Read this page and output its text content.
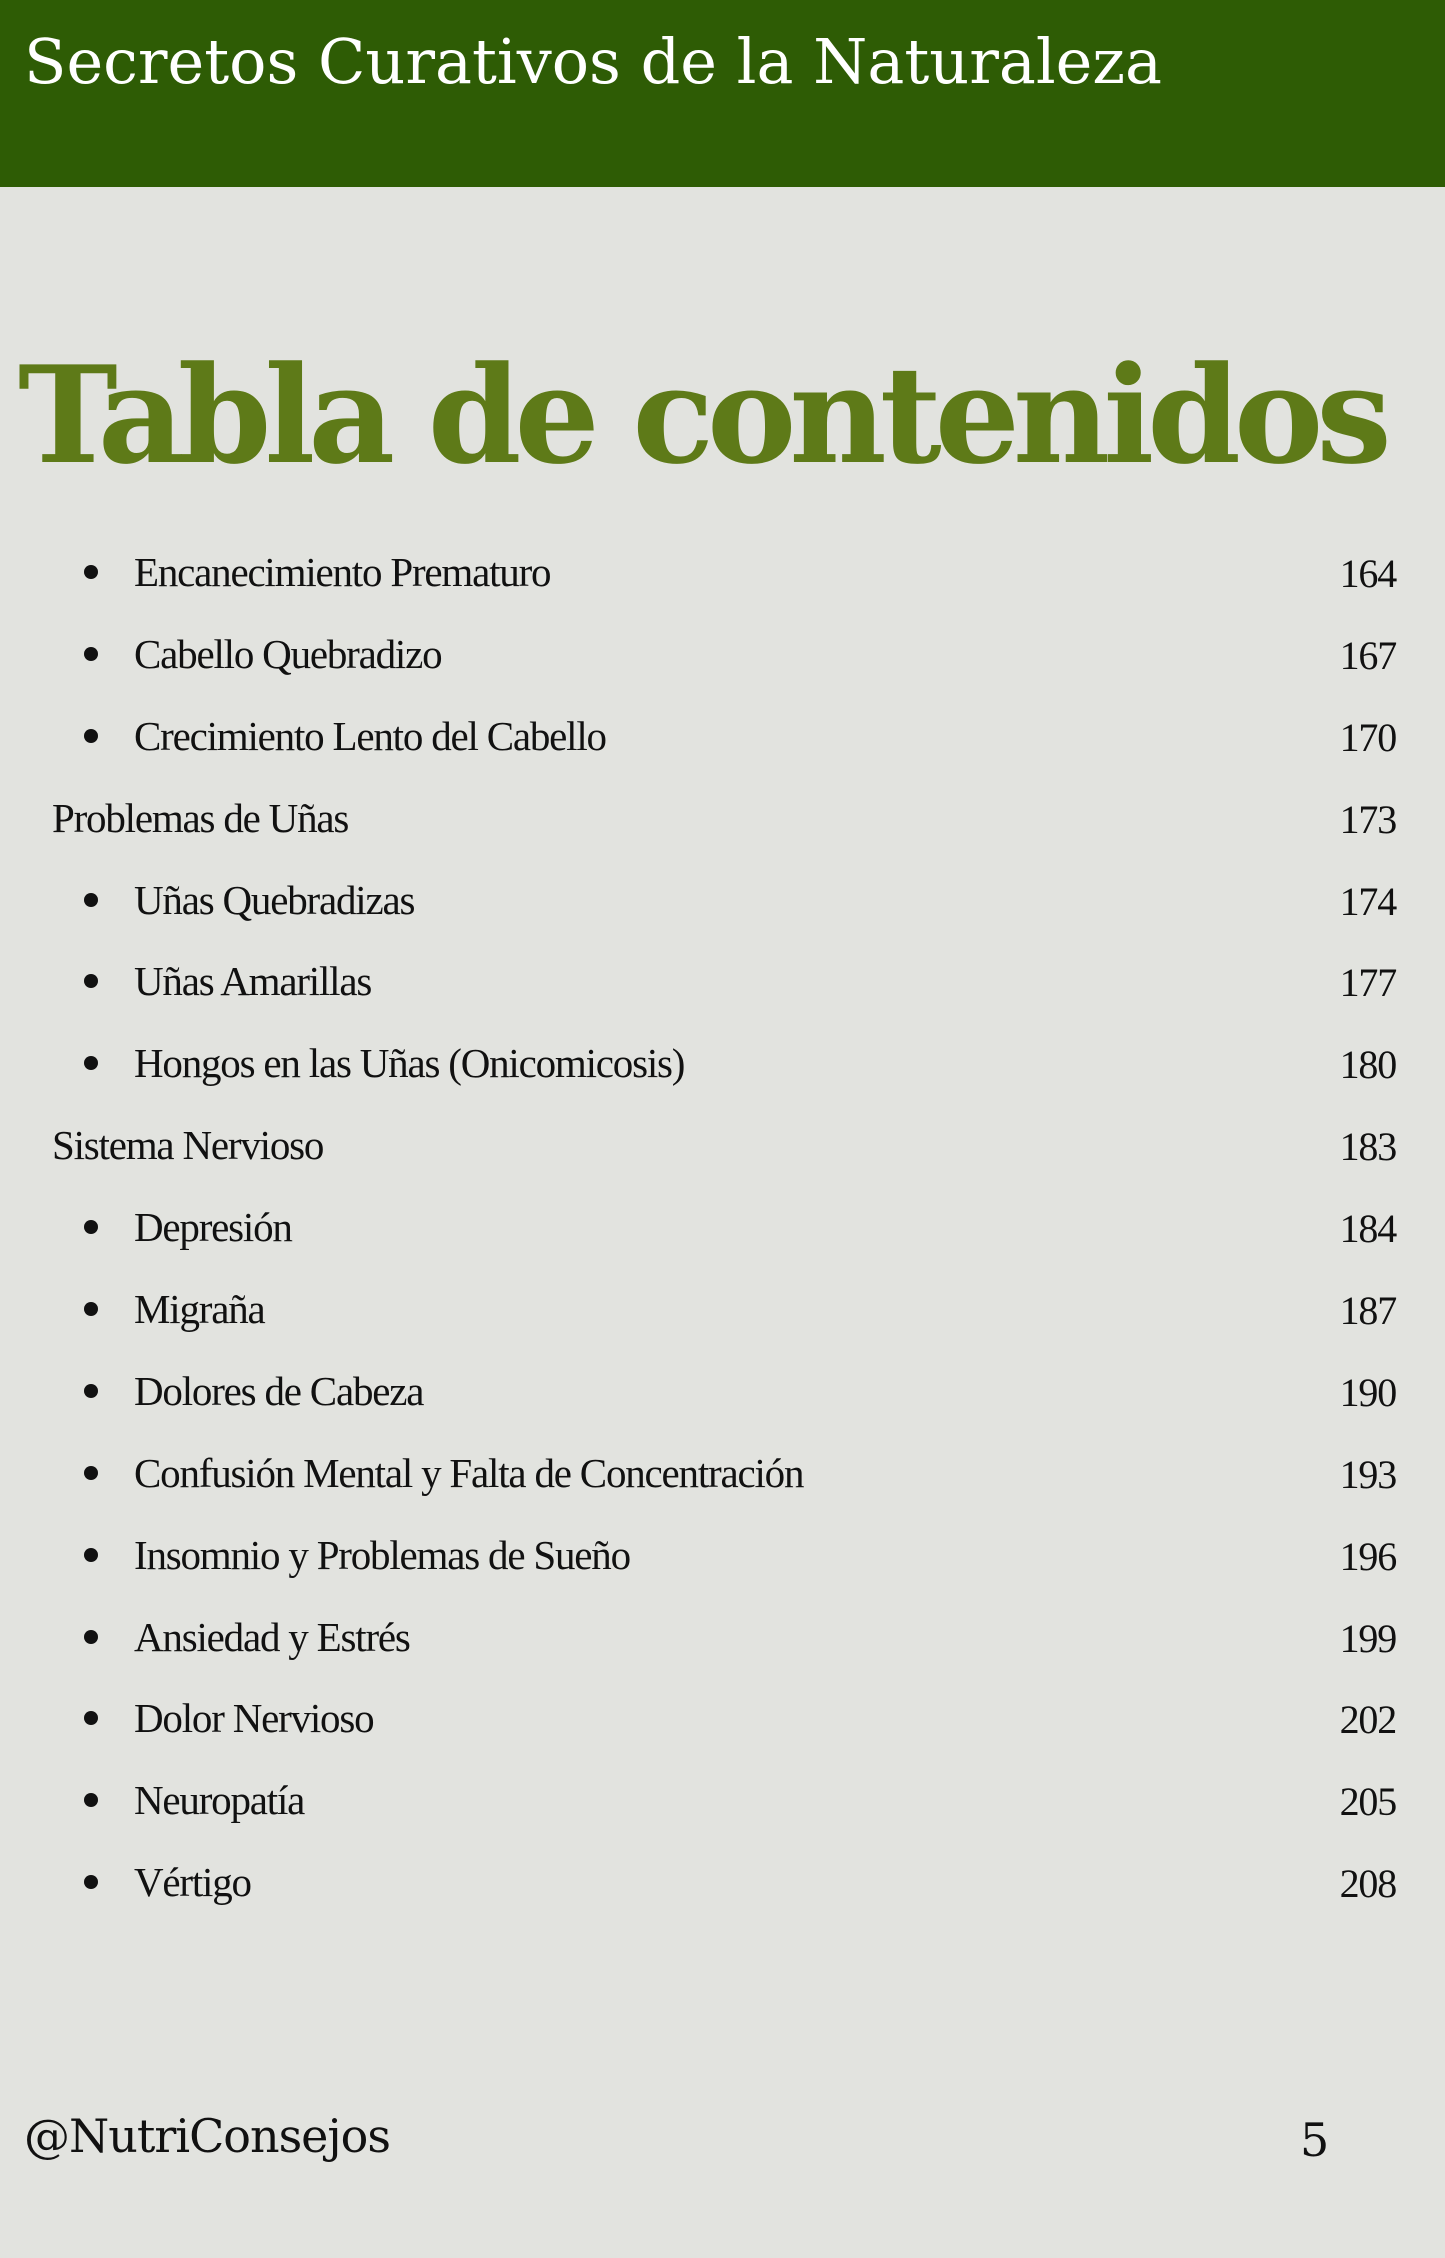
Secretos Curativos de la Naturaleza
Tabla de contenidos
Encanecimiento Prematuro	164
Cabello Quebradizo	167
Crecimiento Lento del Cabello	170
Problemas de Uñas	173
Uñas Quebradizas	174
Uñas Amarillas	177
Hongos en las Uñas (Onicomicosis)	180
Sistema Nervioso	183
Depresión	184
Migraña	187
Dolores de Cabeza	190
Confusión Mental y Falta de Concentración	193
Insomnio y Problemas de Sueño	196
Ansiedad y Estrés	199
Dolor Nervioso	202
Neuropatía	205
Vértigo	208
@NutriConsejos	5
